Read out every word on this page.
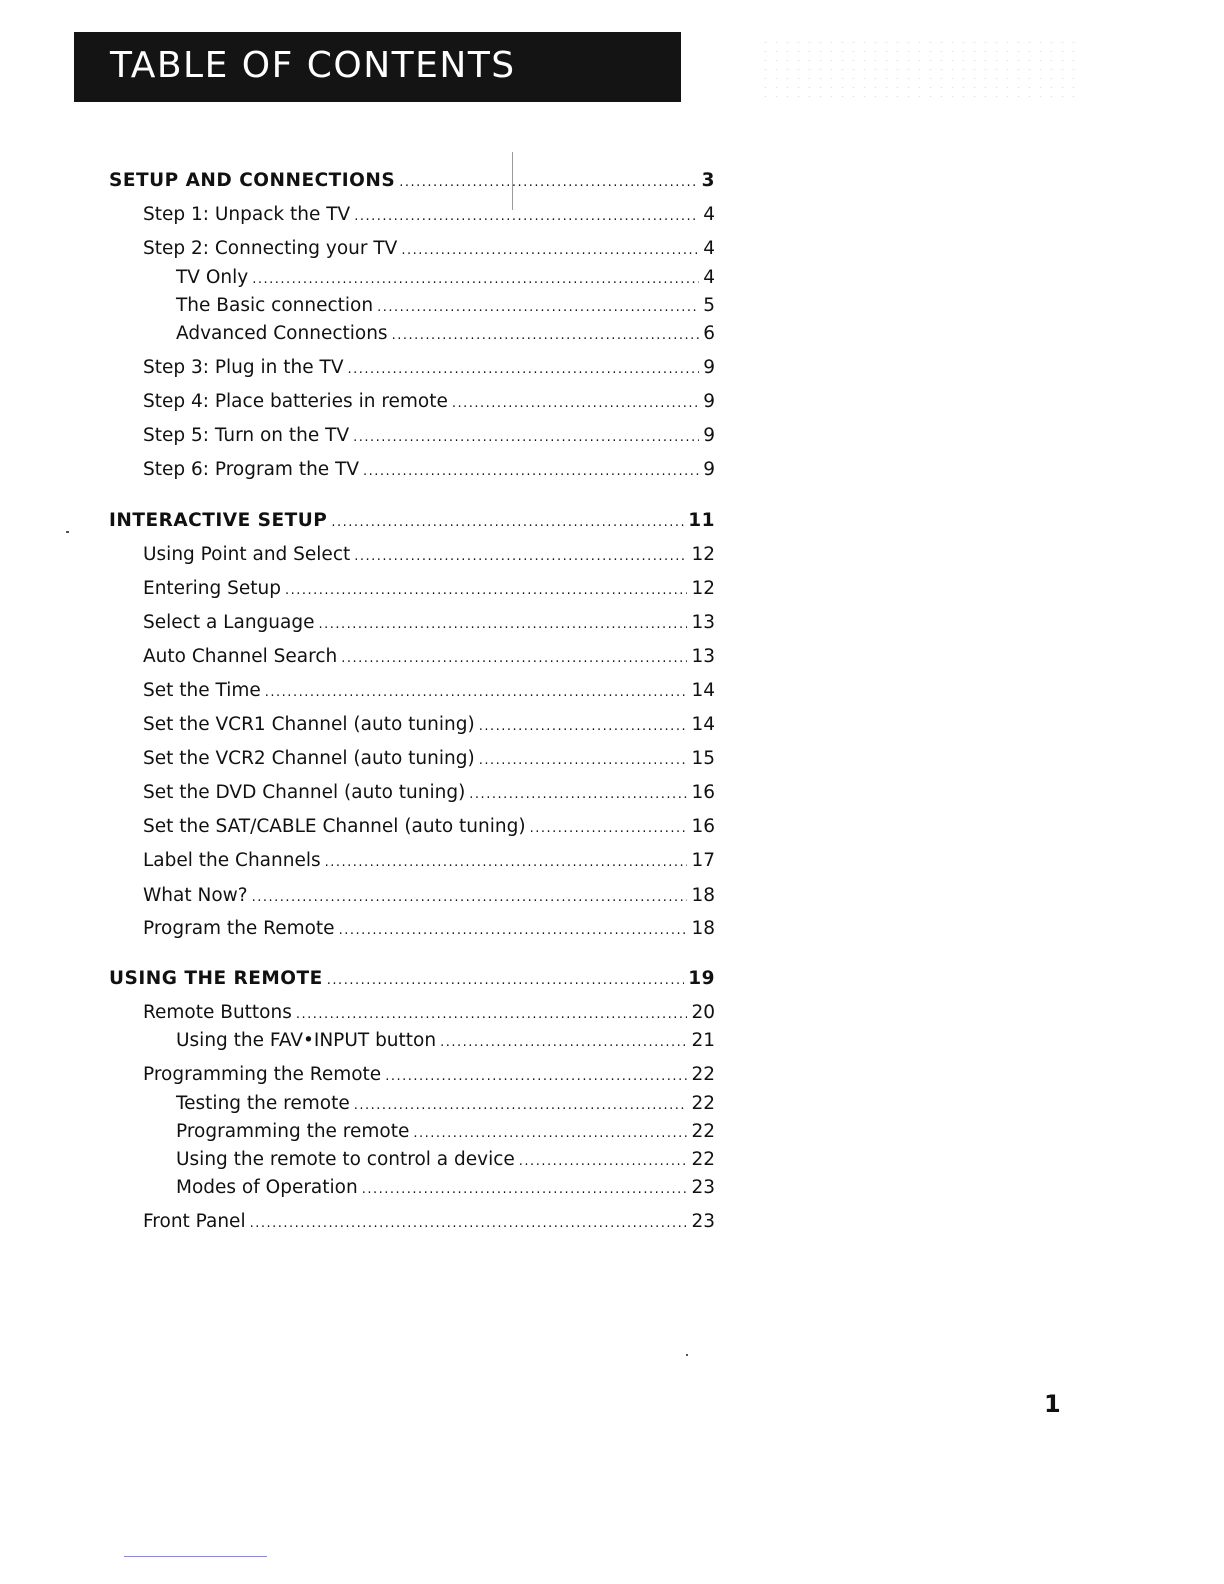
TABLE OF CONTENTS
SETUP AND CONNECTIONS .....	3
Step 1: Unpack the TV .....	4
Step 2: Connecting your TV .....	4
TV Only .....	4
The Basic connection .....	5
Advanced Connections .....	6
Step 3: Plug in the TV .....	9
Step 4: Place batteries in remote .....	9
Step 5: Turn on the TV .....	9
Step 6: Program the TV .....	9
INTERACTIVE SETUP .....	11
Using Point and Select .....	12
Entering Setup .....	12
Select a Language .....	13
Auto Channel Search .....	13
Set the Time .....	14
Set the VCR1 Channel (auto tuning) .....	14
Set the VCR2 Channel (auto tuning) .....	15
Set the DVD Channel (auto tuning) .....	16
Set the SAT/CABLE Channel (auto tuning) .....	16
Label the Channels .....	17
What Now? .....	18
Program the Remote .....	18
USING THE REMOTE .....	19
Remote Buttons .....	20
Using the FAV•INPUT button .....	21
Programming the Remote .....	22
Testing the remote .....	22
Programming the remote .....	22
Using the remote to control a device .....	22
Modes of Operation .....	23
Front Panel .....	23
1
